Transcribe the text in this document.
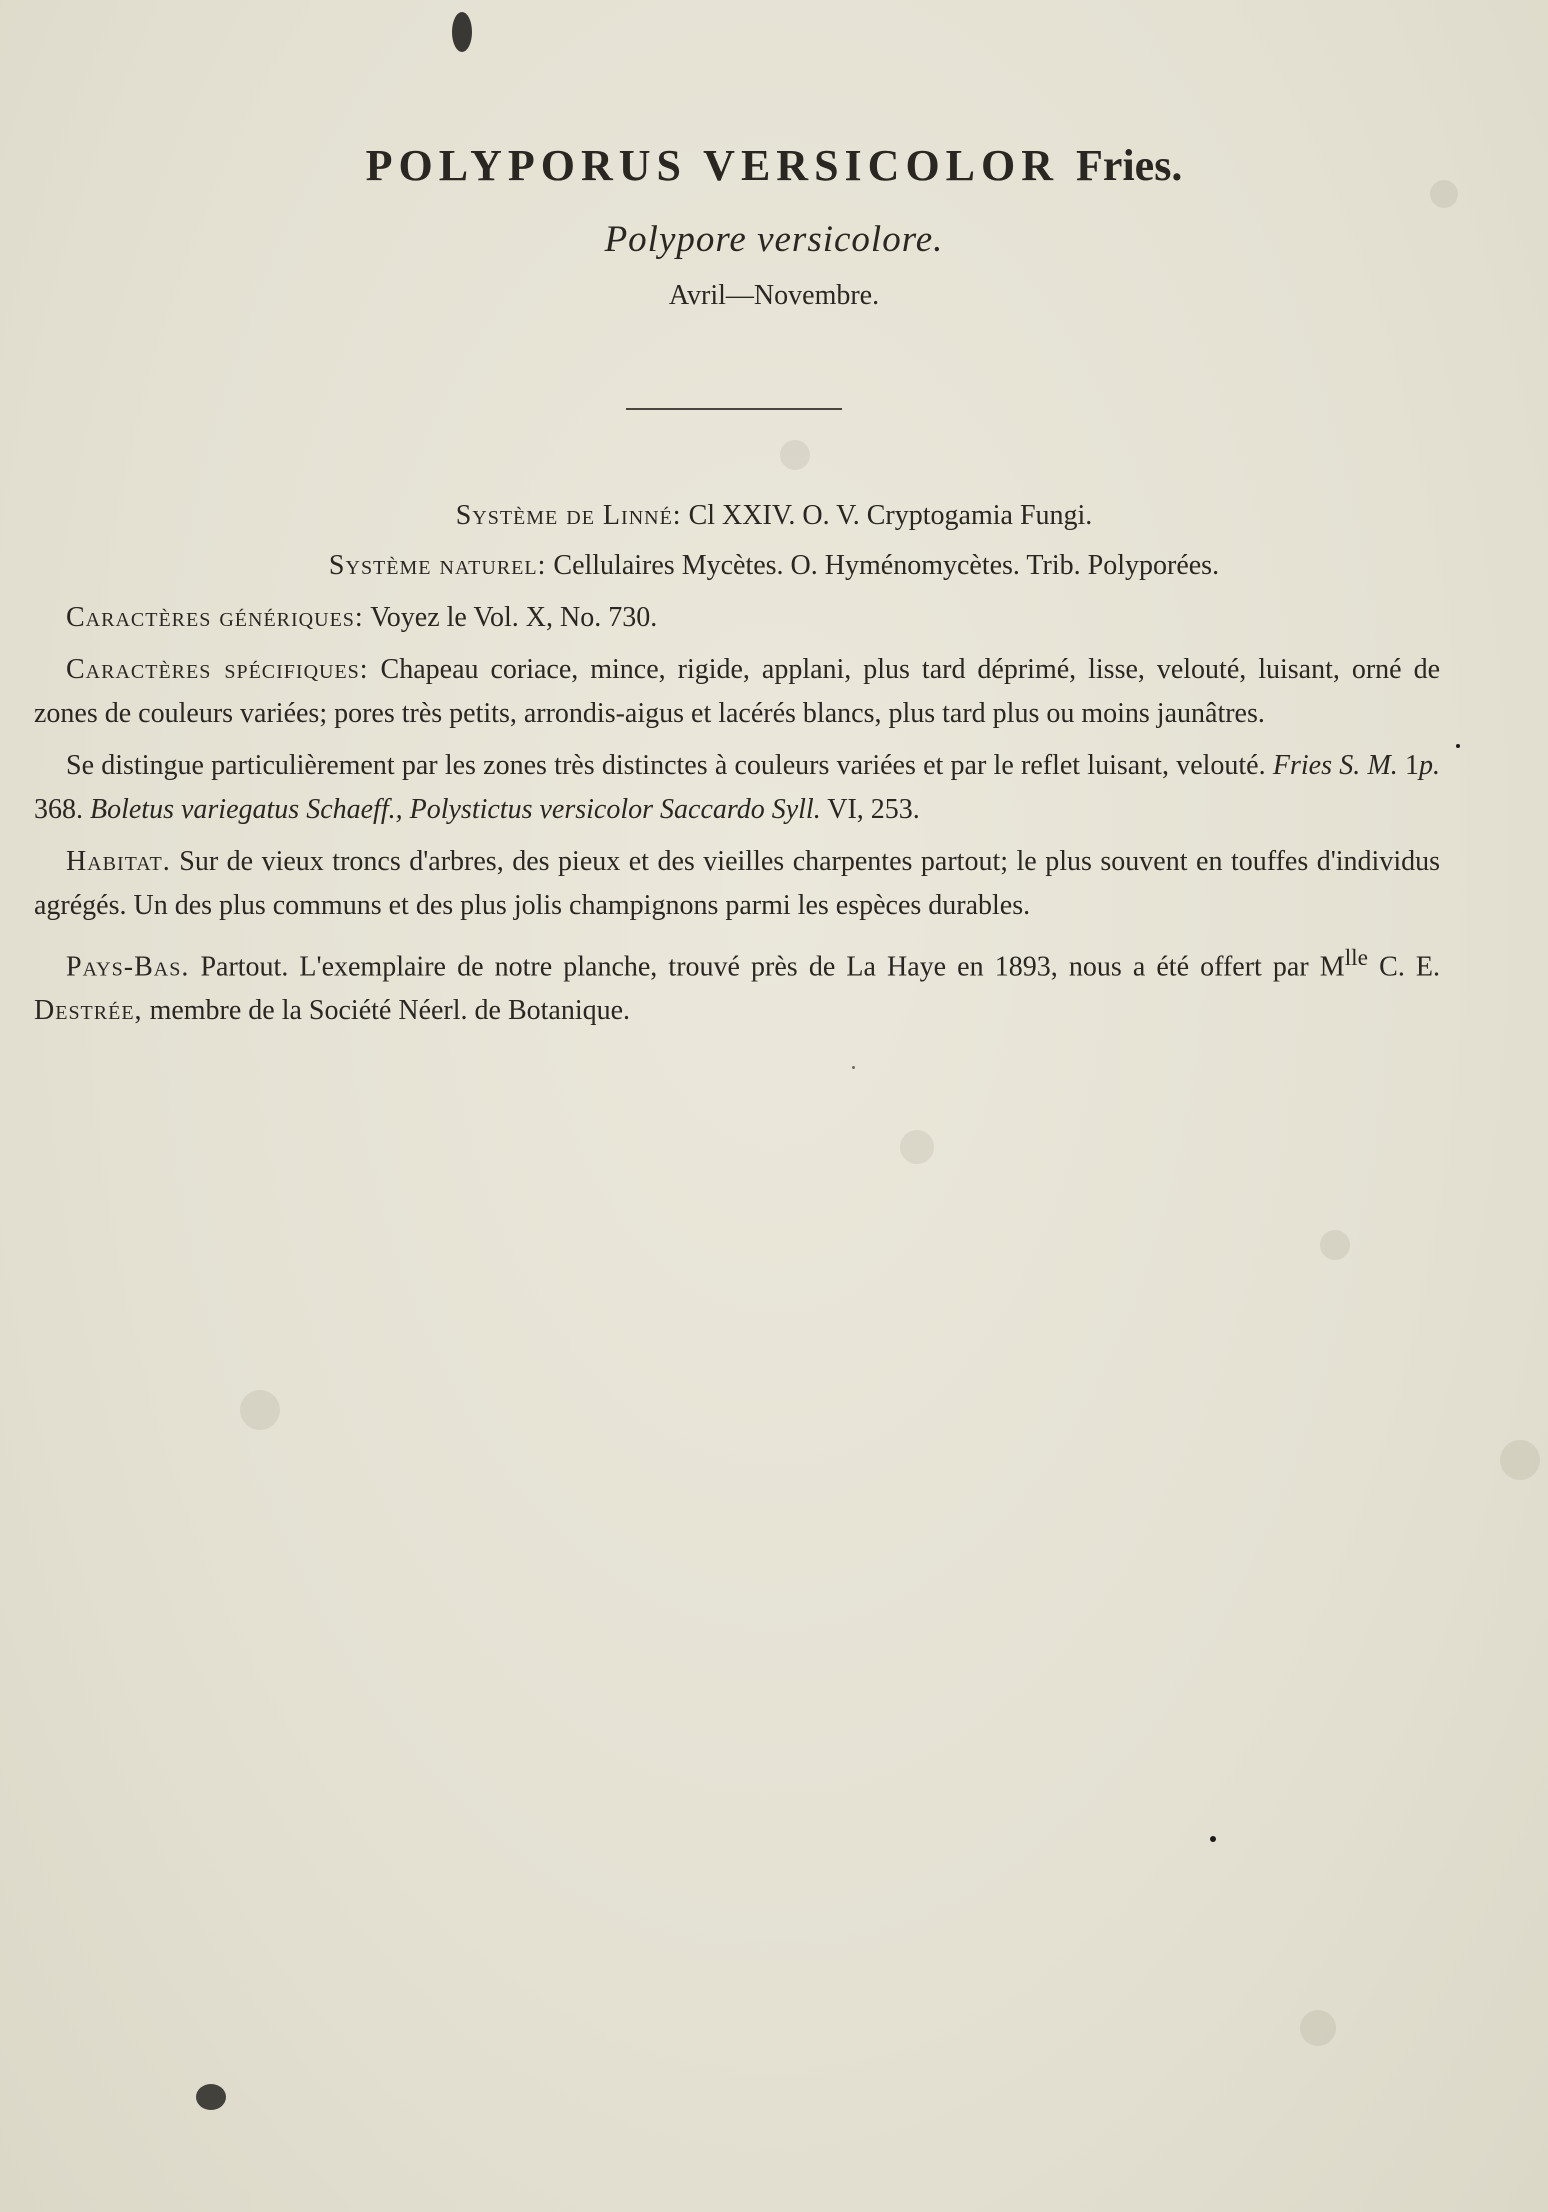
POLYPORUS VERSICOLOR Fries.
Polypore versicolore.
Avril—Novembre.
Système de Linné: Cl XXIV. O. V. Cryptogamia Fungi.
Système naturel: Cellulaires Mycètes. O. Hyménomycètes. Trib. Polyporées.

Caractères génériques: Voyez le Vol. X, No. 730.

Caractères spécifiques: Chapeau coriace, mince, rigide, applani, plus tard déprimé, lisse, velouté, luisant, orné de zones de couleurs variées; pores très petits, arrondis-aigus et lacérés blancs, plus tard plus ou moins jaunâtres.

Se distingue particulièrement par les zones très distinctes à couleurs variées et par le reflet luisant, velouté. Fries S. M. 1p. 368. Boletus variegatus Schaeff., Polystictus versicolor Saccardo Syll. VI, 253.

Habitat. Sur de vieux troncs d'arbres, des pieux et des vieilles charpentes partout; le plus souvent en touffes d'individus agrégés. Un des plus communs et des plus jolis champignons parmi les espèces durables.

Pays-Bas. Partout. L'exemplaire de notre planche, trouvé près de La Haye en 1893, nous a été offert par $M^{lle}$ C. E. Destrée, membre de la Société Néerl. de Botanique.
